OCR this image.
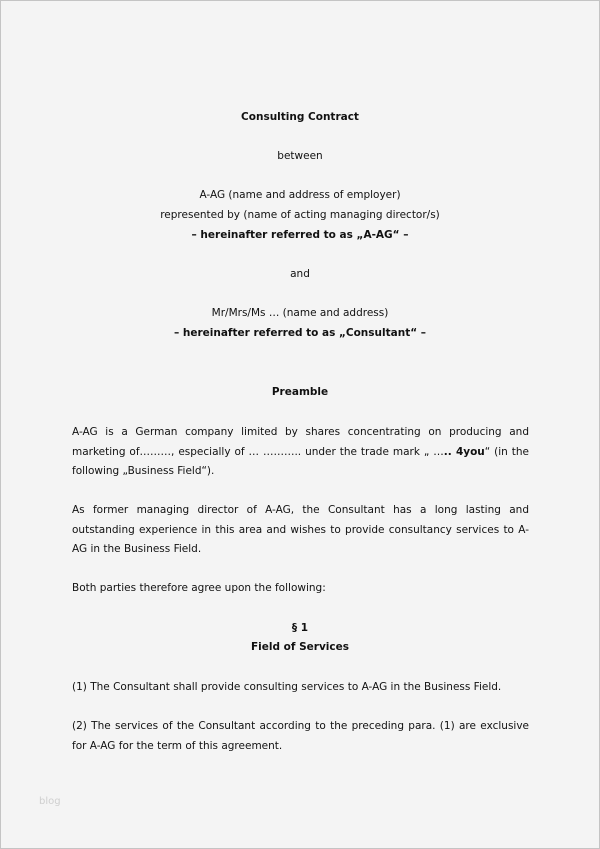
Consulting Contract
between
A-AG (name and address of employer)
represented by (name of acting managing director/s)
– hereinafter referred to as „A-AG“ –
and
Mr/Mrs/Ms … (name and address)
– hereinafter referred to as „Consultant“ –
Preamble
A-AG is a German company limited by shares concentrating on producing and marketing of………, especially of … ……….. under the trade mark „ ….. 4you“ (in the following „Business Field“).
As former managing director of A-AG, the Consultant has a long lasting and outstanding experience in this area and wishes to provide consultancy services to A-AG in the Business Field.
Both parties therefore agree upon the following:
§ 1
Field of Services
(1) The Consultant shall provide consulting services to A-AG in the Business Field.
(2) The services of the Consultant according to the preceding para. (1) are exclusive for A-AG for the term of this agreement.
blog
